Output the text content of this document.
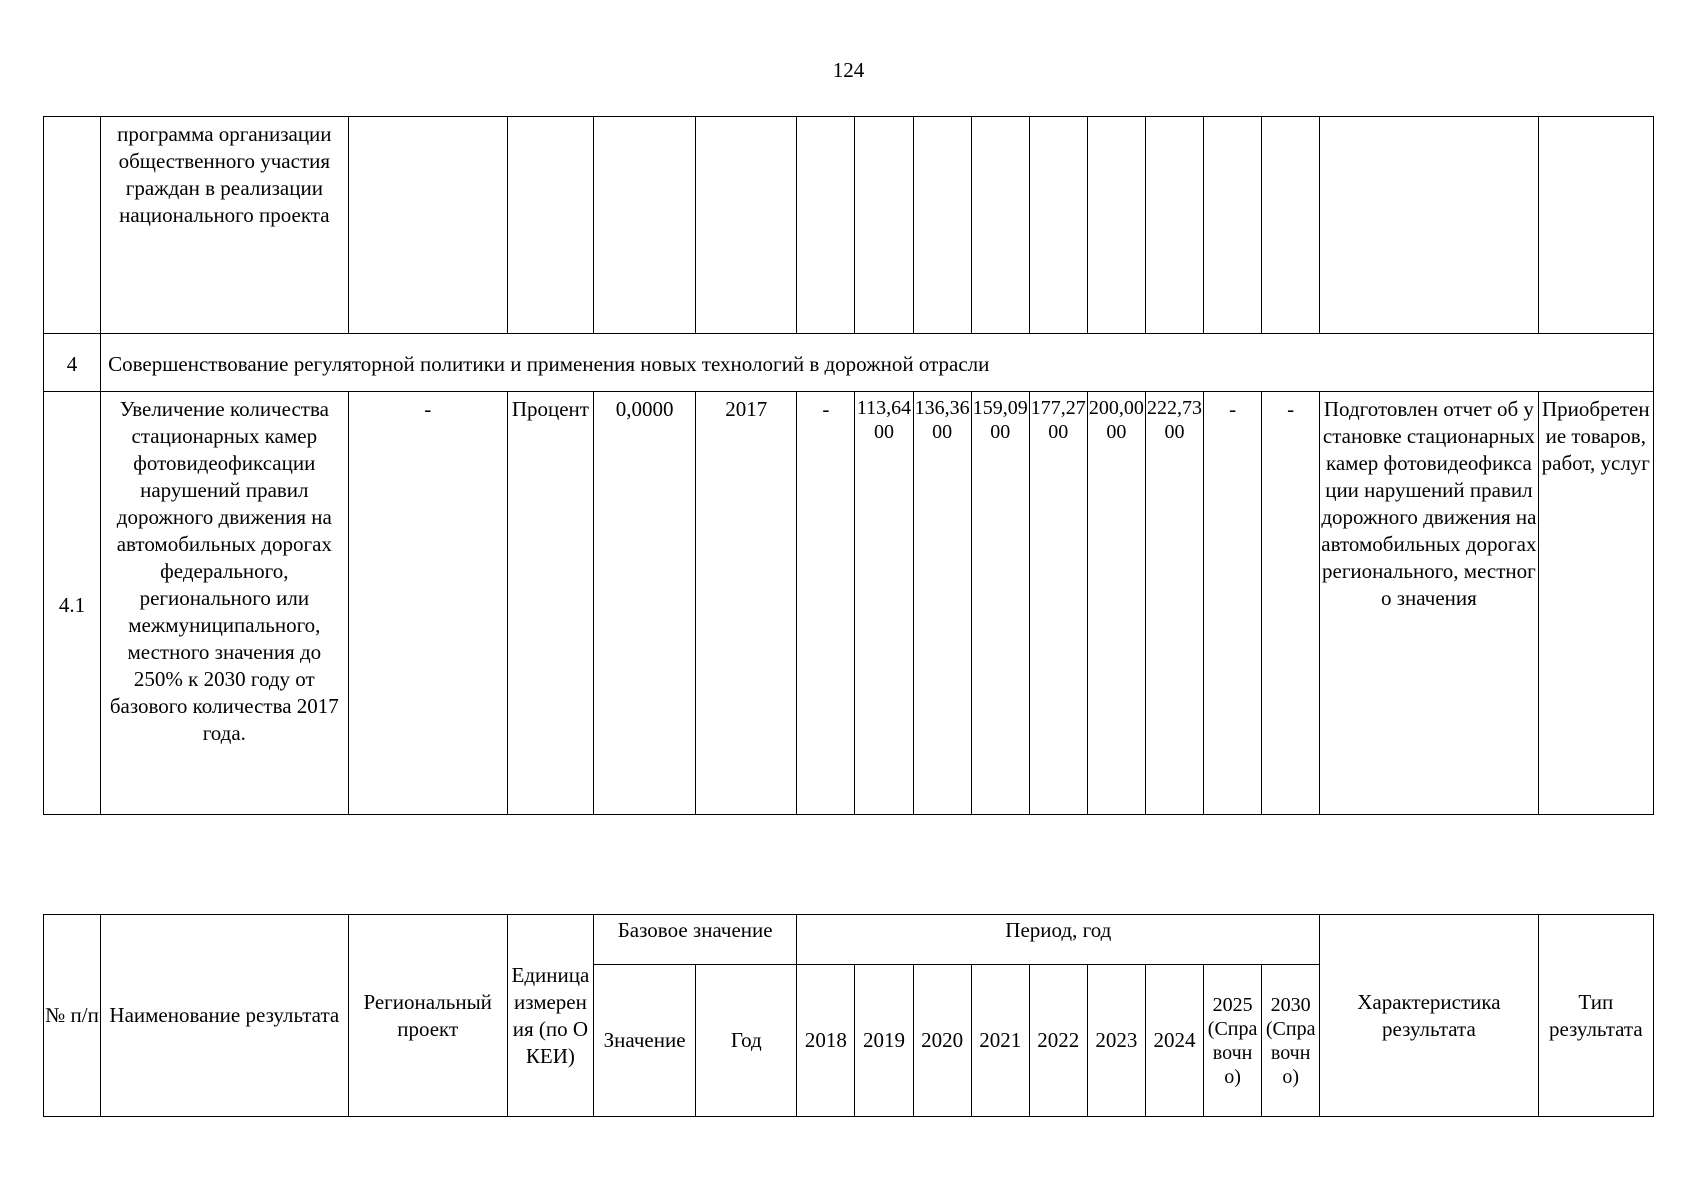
124
	программа организации общественного участия граждан в реализации национального проекта															
4	Совершенствование регуляторной политики и применения новых технологий в дорожной отрасли															
4.1	Увеличение количества стационарных камер фотовидеофиксации нарушений правил дорожного движения на автомобильных дорогах федерального, регионального или межмуниципального, местного значения до 250% к 2030 году от базового количества 2017 года.	-	Процент	0,0000	2017	-	113,6400	136,3600	159,0900	177,2700	200,0000	222,7300	-	-	Подготовлен отчет об установке стационарных камер фотовидеофиксации нарушений правил дорожного движения на автомобильных дорогах регионального, местного значения	Приобретение товаров, работ, услуг
№ п/п	Наименование результата	Региональный проект	Единица измерения (по ОКЕИ)	Базовое значение		Период, год									Характеристика результата	Тип результата
				Значение	Год	2018	2019	2020	2021	2022	2023	2024	2025 (Справочно)	2030 (Справочно)		
